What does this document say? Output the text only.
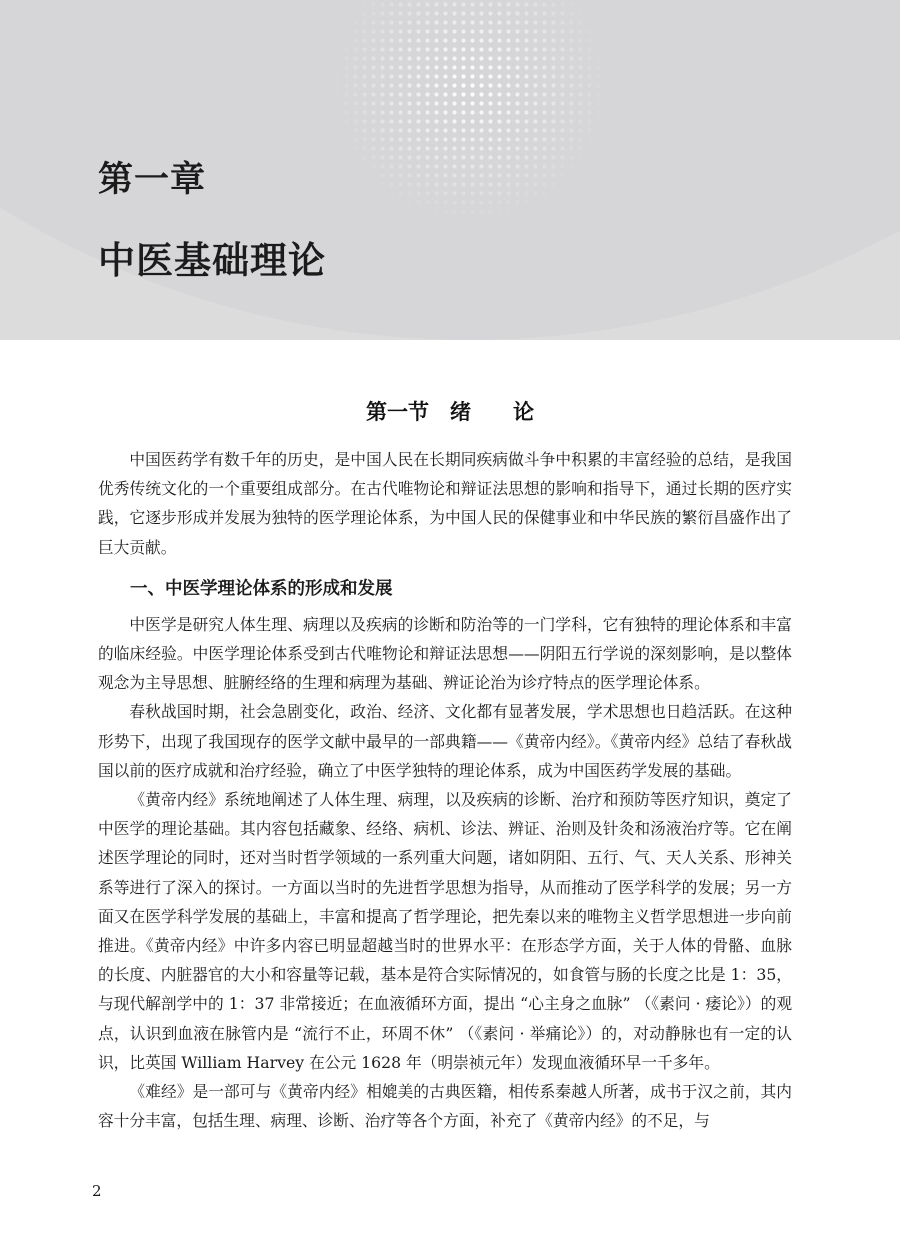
第一章
中医基础理论
第一节　绪　　论

中国医药学有数千年的历史，是中国人民在长期同疾病做斗争中积累的丰富经验的总结，是我国优秀传统文化的一个重要组成部分。在古代唯物论和辩证法思想的影响和指导下，通过长期的医疗实践，它逐步形成并发展为独特的医学理论体系，为中国人民的保健事业和中华民族的繁衍昌盛作出了巨大贡献。

一、中医学理论体系的形成和发展

中医学是研究人体生理、病理以及疾病的诊断和防治等的一门学科，它有独特的理论体系和丰富的临床经验。中医学理论体系受到古代唯物论和辩证法思想——阴阳五行学说的深刻影响，是以整体观念为主导思想、脏腑经络的生理和病理为基础、辨证论治为诊疗特点的医学理论体系。

春秋战国时期，社会急剧变化，政治、经济、文化都有显著发展，学术思想也日趋活跃。在这种形势下，出现了我国现存的医学文献中最早的一部典籍——《黄帝内经》。《黄帝内经》总结了春秋战国以前的医疗成就和治疗经验，确立了中医学独特的理论体系，成为中国医药学发展的基础。

《黄帝内经》系统地阐述了人体生理、病理，以及疾病的诊断、治疗和预防等医疗知识，奠定了中医学的理论基础。其内容包括藏象、经络、病机、诊法、辨证、治则及针灸和汤液治疗等。它在阐述医学理论的同时，还对当时哲学领域的一系列重大问题，诸如阴阳、五行、气、天人关系、形神关系等进行了深入的探讨。一方面以当时的先进哲学思想为指导，从而推动了医学科学的发展；另一方面又在医学科学发展的基础上，丰富和提高了哲学理论，把先秦以来的唯物主义哲学思想进一步向前推进。《黄帝内经》中许多内容已明显超越当时的世界水平：在形态学方面，关于人体的骨骼、血脉的长度、内脏器官的大小和容量等记载，基本是符合实际情况的，如食管与肠的长度之比是 1：35，与现代解剖学中的 1：37 非常接近；在血液循环方面，提出 “心主身之血脉” （《素问 · 痿论》）的观点，认识到血液在脉管内是 “流行不止，环周不休” （《素问 · 举痛论》）的，对动静脉也有一定的认识，比英国 William Harvey 在公元 1628 年（明崇祯元年）发现血液循环早一千多年。

《难经》是一部可与《黄帝内经》相媲美的古典医籍，相传系秦越人所著，成书于汉之前，其内容十分丰富，包括生理、病理、诊断、治疗等各个方面，补充了《黄帝内经》的不足，与

2
